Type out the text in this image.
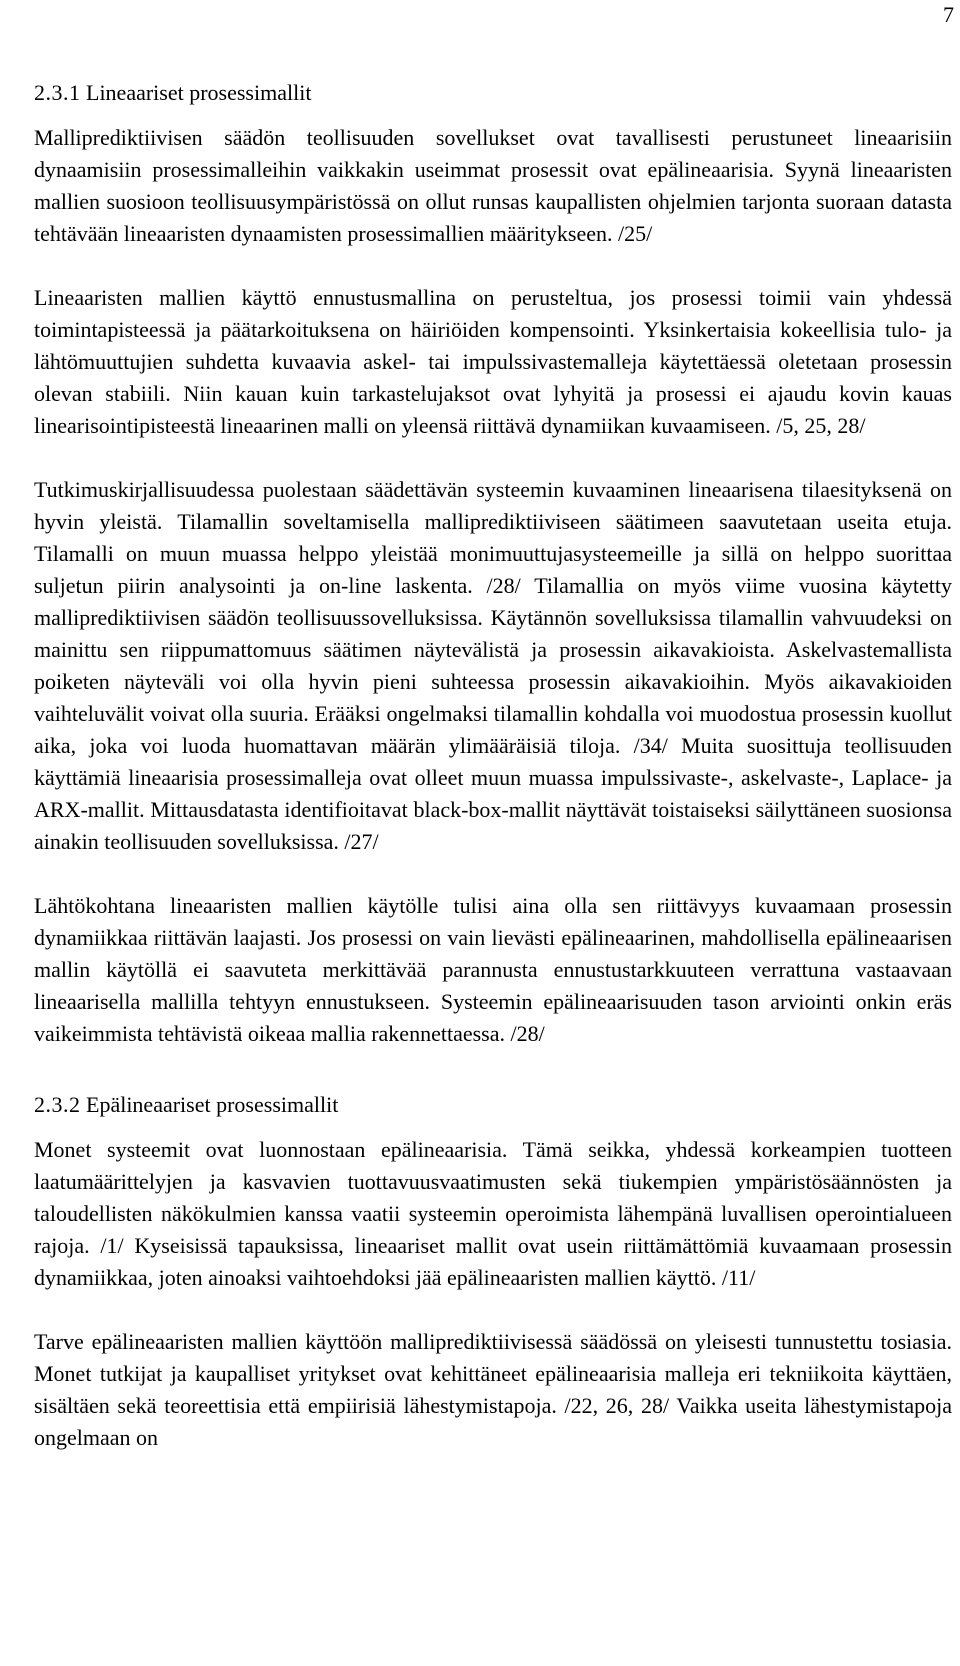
7
2.3.1 Lineaariset prosessimallit

Malliprediktiivisen säädön teollisuuden sovellukset ovat tavallisesti perustuneet lineaarisiin dynaamisiin prosessimalleihin vaikkakin useimmat prosessit ovat epälineaarisia. Syynä lineaaristen mallien suosioon teollisuusympäristössä on ollut runsas kaupallisten ohjelmien tarjonta suoraan datasta tehtävään lineaaristen dynaamisten prosessimallien määritykseen. /25/

Lineaaristen mallien käyttö ennustusmallina on perusteltua, jos prosessi toimii vain yhdessä toimintapisteessä ja päätarkoituksena on häiriöiden kompensointi. Yksinkertaisia kokeellisia tulo- ja lähtömuuttujien suhdetta kuvaavia askel- tai impulssivastemalleja käytettäessä oletetaan prosessin olevan stabiili. Niin kauan kuin tarkastelujaksot ovat lyhyitä ja prosessi ei ajaudu kovin kauas linearisointipisteestä lineaarinen malli on yleensä riittävä dynamiikan kuvaamiseen. /5, 25, 28/

Tutkimuskirjallisuudessa puolestaan säädettävän systeemin kuvaaminen lineaarisena tilaesityksenä on hyvin yleistä. Tilamallin soveltamisella malliprediktiiviseen säätimeen saavutetaan useita etuja. Tilamalli on muun muassa helppo yleistää monimuuttujasysteemeille ja sillä on helppo suorittaa suljetun piirin analysointi ja on-line laskenta. /28/ Tilamallia on myös viime vuosina käytetty malliprediktiivisen säädön teollisuussovelluksissa. Käytännön sovelluksissa tilamallin vahvuudeksi on mainittu sen riippumattomuus säätimen näytevälistä ja prosessin aikavakioista. Askelvastemallista poiketen näyteväli voi olla hyvin pieni suhteessa prosessin aikavakioihin. Myös aikavakioiden vaihteluvälit voivat olla suuria. Erääksi ongelmaksi tilamallin kohdalla voi muodostua prosessin kuollut aika, joka voi luoda huomattavan määrän ylimääräisiä tiloja. /34/ Muita suosittuja teollisuuden käyttämiä lineaarisia prosessimalleja ovat olleet muun muassa impulssivaste-, askelvaste-, Laplace- ja ARX-mallit. Mittausdatasta identifioitavat black-box-mallit näyttävät toistaiseksi säilyttäneen suosionsa ainakin teollisuuden sovelluksissa. /27/

Lähtökohtana lineaaristen mallien käytölle tulisi aina olla sen riittävyys kuvaamaan prosessin dynamiikkaa riittävän laajasti. Jos prosessi on vain lievästi epälineaarinen, mahdollisella epälineaarisen mallin käytöllä ei saavuteta merkittävää parannusta ennustustarkkuuteen verrattuna vastaavaan lineaarisella mallilla tehtyyn ennustukseen. Systeemin epälineaarisuuden tason arviointi onkin eräs vaikeimmista tehtävistä oikeaa mallia rakennettaessa. /28/

2.3.2 Epälineaariset prosessimallit

Monet systeemit ovat luonnostaan epälineaarisia. Tämä seikka, yhdessä korkeampien tuotteen laatumäärittelyjen ja kasvavien tuottavuusvaatimusten sekä tiukempien ympäristösäännösten ja taloudellisten näkökulmien kanssa vaatii systeemin operoimista lähempänä luvallisen operointialueen rajoja. /1/ Kyseisissä tapauksissa, lineaariset mallit ovat usein riittämättömiä kuvaamaan prosessin dynamiikkaa, joten ainoaksi vaihtoehdoksi jää epälineaaristen mallien käyttö. /11/

Tarve epälineaaristen mallien käyttöön malliprediktiivisessä säädössä on yleisesti tunnustettu tosiasia. Monet tutkijat ja kaupalliset yritykset ovat kehittäneet epälineaarisia malleja eri tekniikoita käyttäen, sisältäen sekä teoreettisia että empiirisiä lähestymistapoja. /22, 26, 28/ Vaikka useita lähestymistapoja ongelmaan on
